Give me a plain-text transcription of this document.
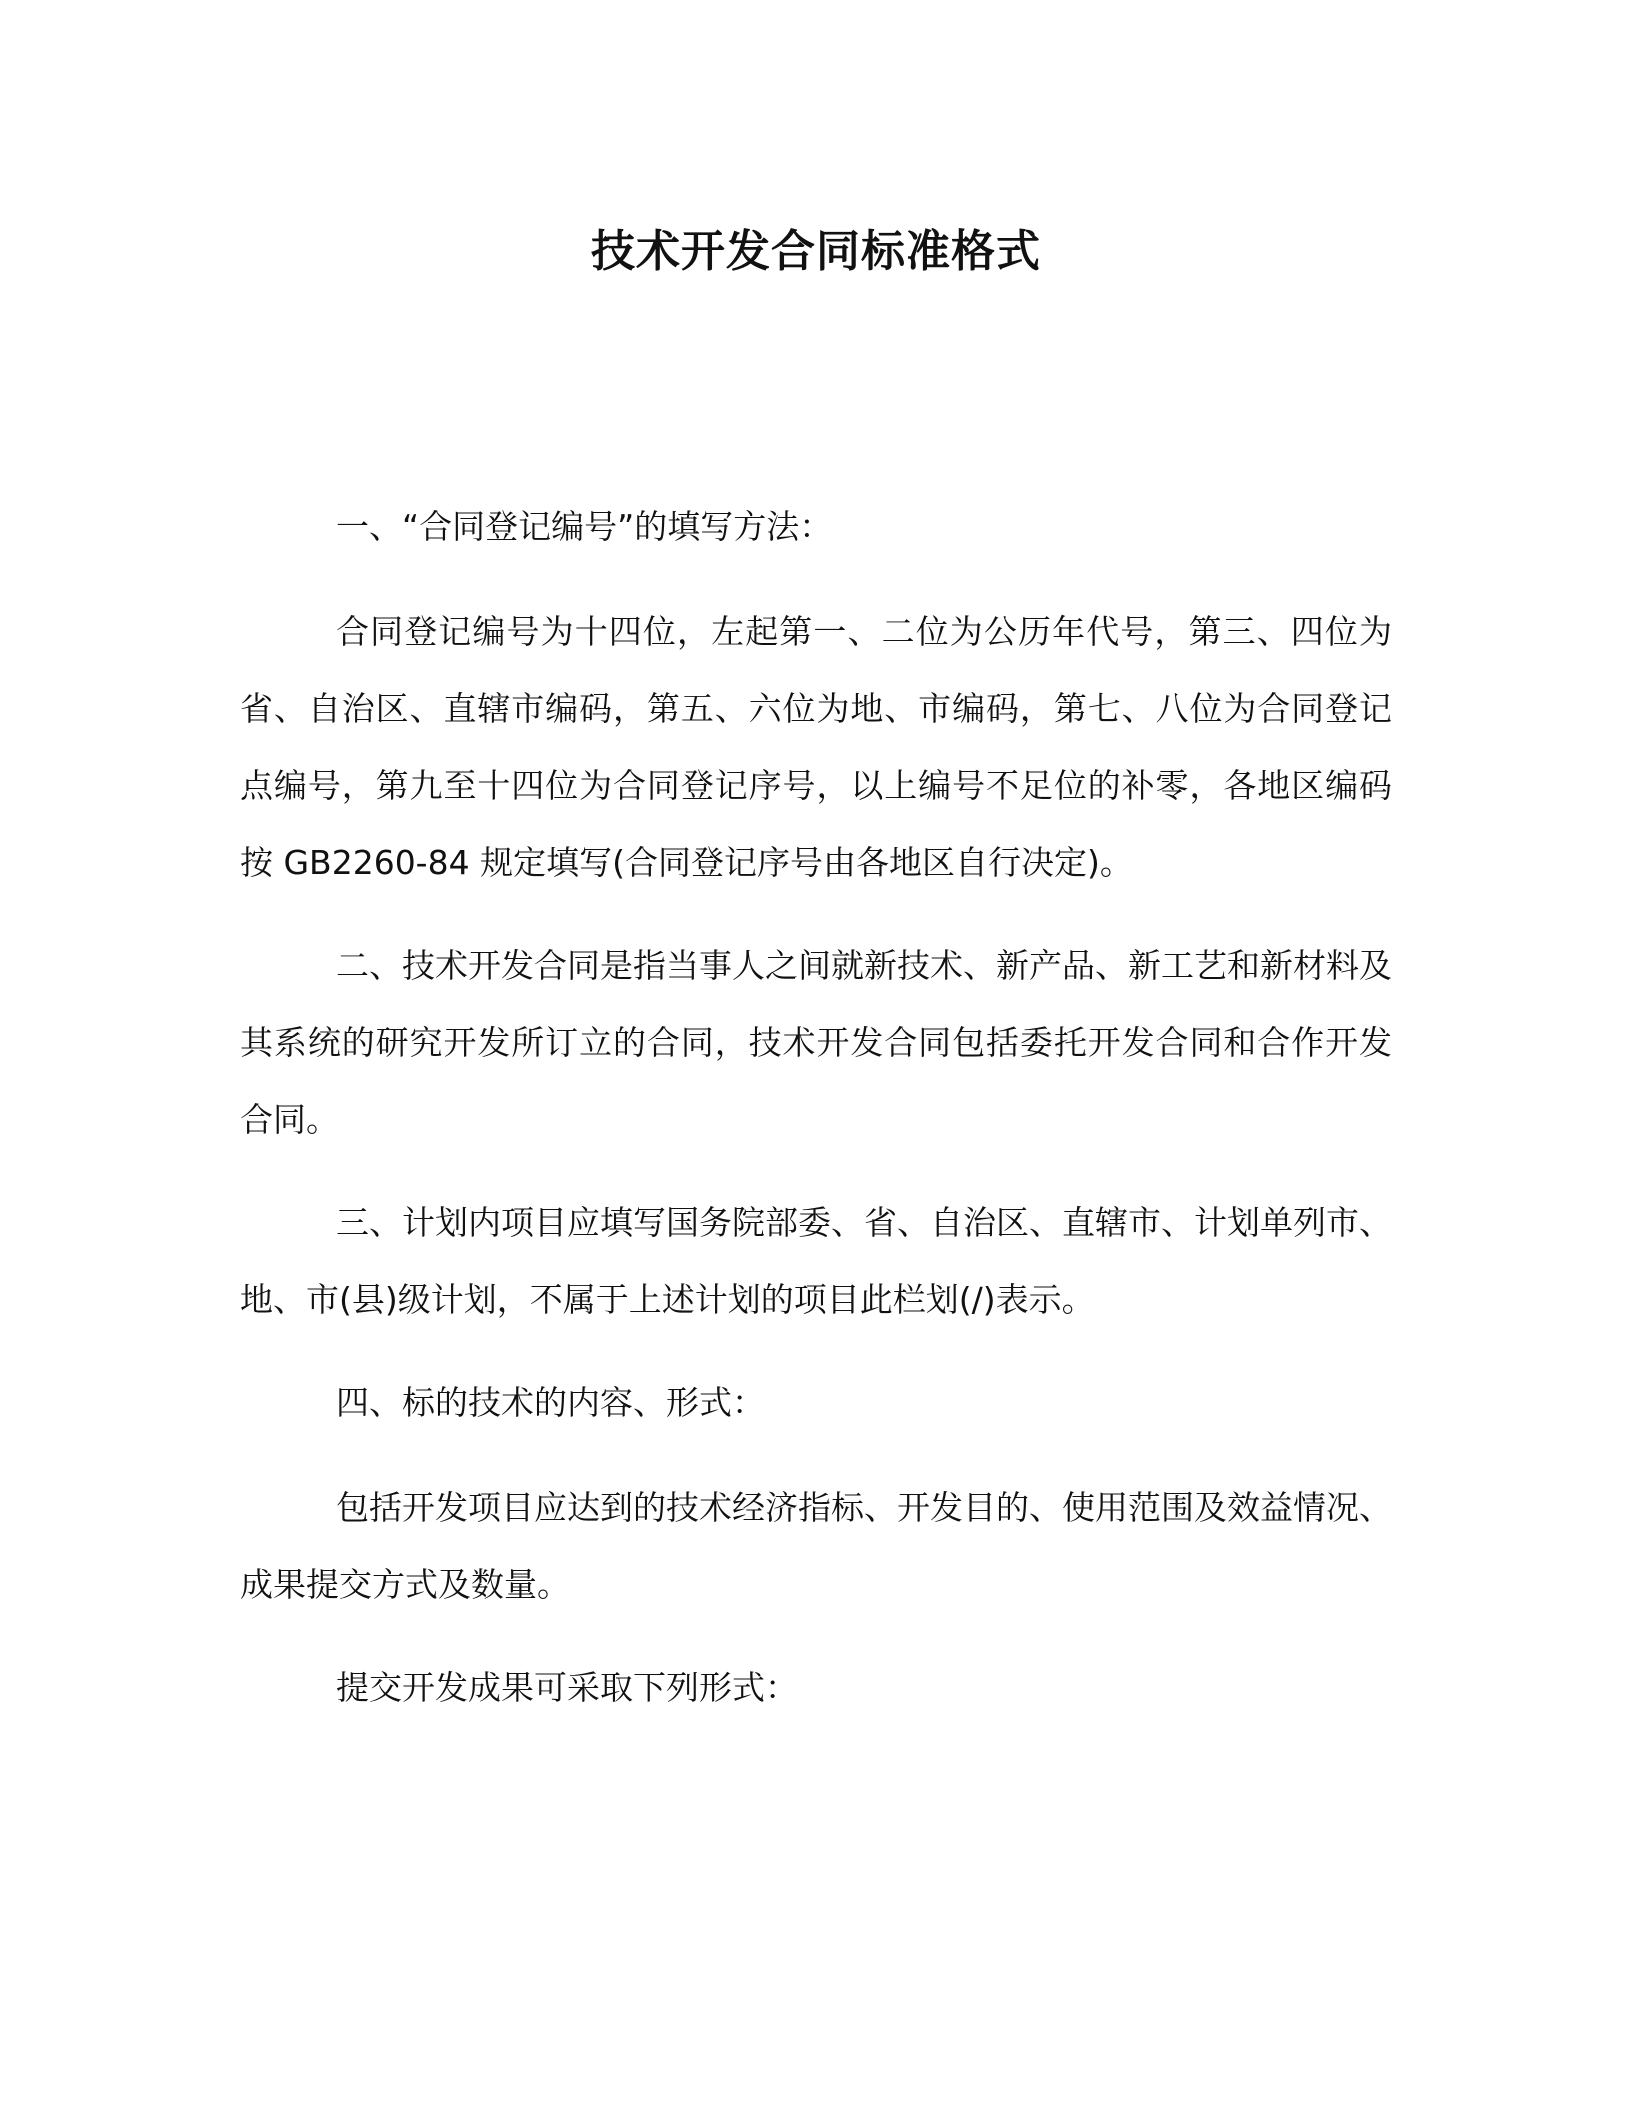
技术开发合同标准格式

一、“合同登记编号”的填写方法：

合同登记编号为十四位，左起第一、二位为公历年代号，第三、四位为省、自治区、直辖市编码，第五、六位为地、市编码，第七、八位为合同登记点编号，第九至十四位为合同登记序号，以上编号不足位的补零，各地区编码按 GB2260-84 规定填写(合同登记序号由各地区自行决定)。

二、技术开发合同是指当事人之间就新技术、新产品、新工艺和新材料及其系统的研究开发所订立的合同，技术开发合同包括委托开发合同和合作开发合同。

三、计划内项目应填写国务院部委、省、自治区、直辖市、计划单列市、地、市(县)级计划，不属于上述计划的项目此栏划(/)表示。

四、标的技术的内容、形式：

包括开发项目应达到的技术经济指标、开发目的、使用范围及效益情况、成果提交方式及数量。

提交开发成果可采取下列形式：
